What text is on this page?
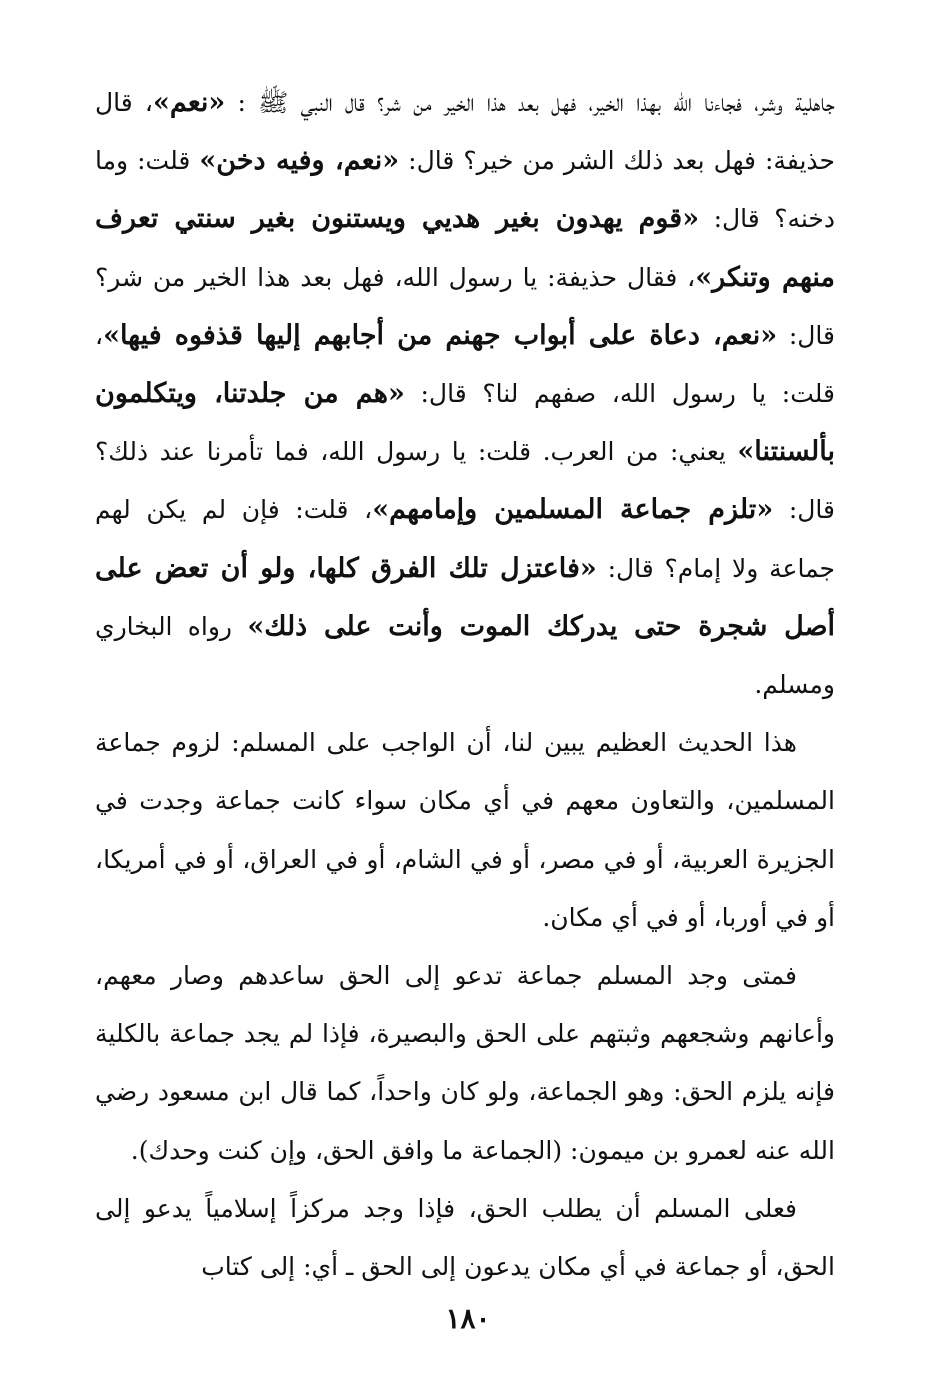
جاهلية وشر، فجاءنا الله بهذا الخير، فهل بعد هذا الخير من شر؟ قال النبي ﷺ : «نعم»، قال حذيفة: فهل بعد ذلك الشر من خير؟ قال: «نعم، وفيه دخن» قلت: وما دخنه؟ قال: «قوم يهدون بغير هديي ويستنون بغير سنتي تعرف منهم وتنكر»، فقال حذيفة: يا رسول الله، فهل بعد هذا الخير من شر؟ قال: «نعم، دعاة على أبواب جهنم من أجابهم إليها قذفوه فيها»، قلت: يا رسول الله، صفهم لنا؟ قال: «هم من جلدتنا، ويتكلمون بألسنتنا» يعني: من العرب. قلت: يا رسول الله، فما تأمرنا عند ذلك؟ قال: «تلزم جماعة المسلمين وإمامهم»، قلت: فإن لم يكن لهم جماعة ولا إمام؟ قال: «فاعتزل تلك الفرق كلها، ولو أن تعض على أصل شجرة حتى يدركك الموت وأنت على ذلك» رواه البخاري ومسلم.
هذا الحديث العظيم يبين لنا، أن الواجب على المسلم: لزوم جماعة المسلمين، والتعاون معهم في أي مكان سواء كانت جماعة وجدت في الجزيرة العربية، أو في مصر، أو في الشام، أو في العراق، أو في أمريكا، أو في أوربا، أو في أي مكان.
فمتى وجد المسلم جماعة تدعو إلى الحق ساعدهم وصار معهم، وأعانهم وشجعهم وثبتهم على الحق والبصيرة، فإذا لم يجد جماعة بالكلية فإنه يلزم الحق: وهو الجماعة، ولو كان واحداً، كما قال ابن مسعود رضي الله عنه لعمرو بن ميمون: (الجماعة ما وافق الحق، وإن كنت وحدك).
فعلى المسلم أن يطلب الحق، فإذا وجد مركزاً إسلامياً يدعو إلى الحق، أو جماعة في أي مكان يدعون إلى الحق ـ أي: إلى كتاب
١٨٠
